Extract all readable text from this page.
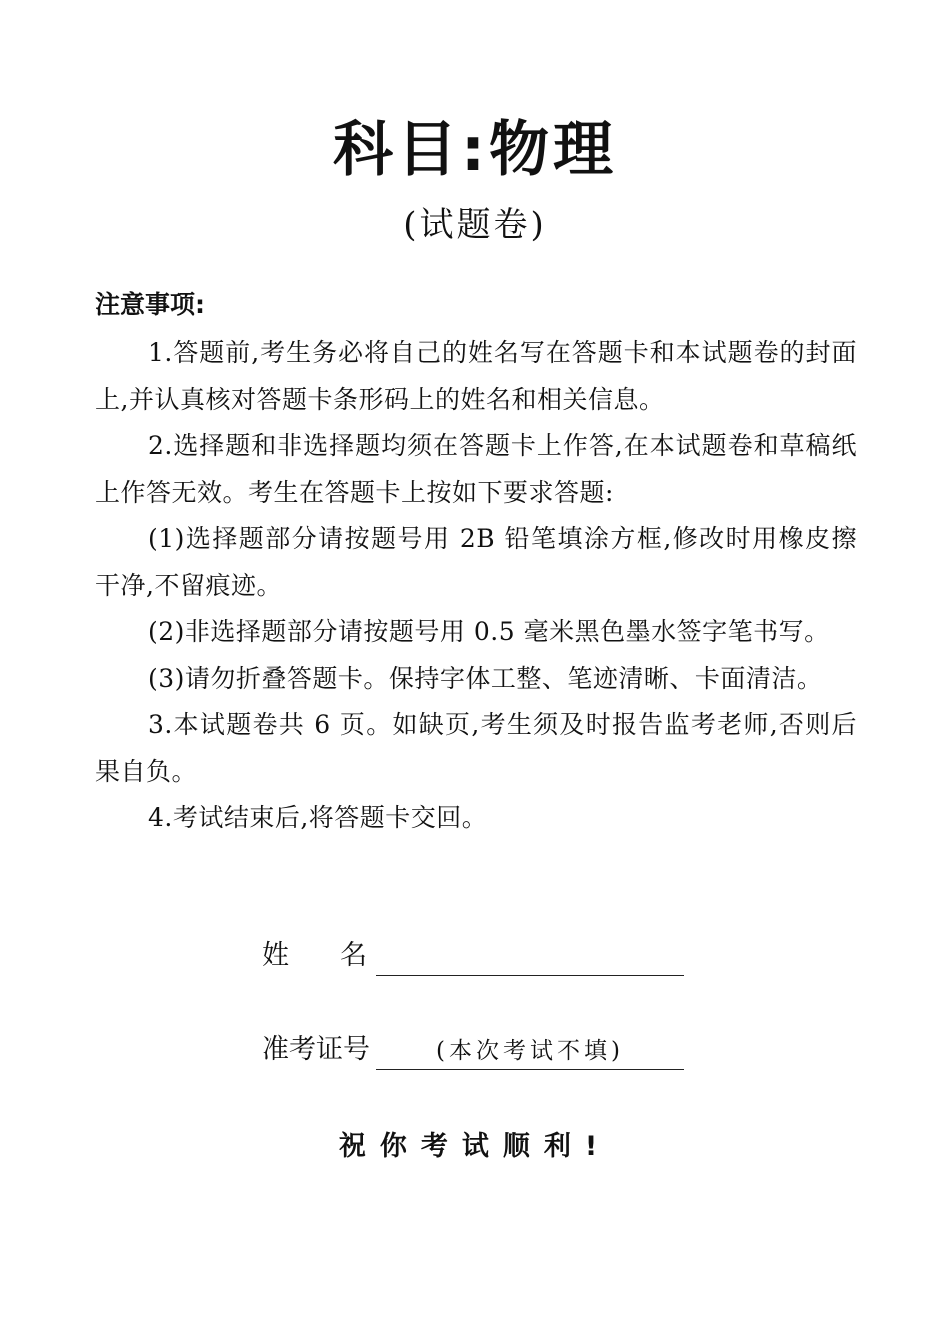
科目:物理
(试题卷)
注意事项:

1.答题前,考生务必将自己的姓名写在答题卡和本试题卷的封面上,并认真核对答题卡条形码上的姓名和相关信息。

2.选择题和非选择题均须在答题卡上作答,在本试题卷和草稿纸上作答无效。考生在答题卡上按如下要求答题:

(1)选择题部分请按题号用 2B 铅笔填涂方框,修改时用橡皮擦干净,不留痕迹。

(2)非选择题部分请按题号用 0.5 毫米黑色墨水签字笔书写。

(3)请勿折叠答题卡。保持字体工整、笔迹清晰、卡面清洁。

3.本试题卷共 6 页。如缺页,考生须及时报告监考老师,否则后果自负。

4.考试结束后,将答题卡交回。

姓名
准考证号	(本次考试不填)
祝你考试顺利!
